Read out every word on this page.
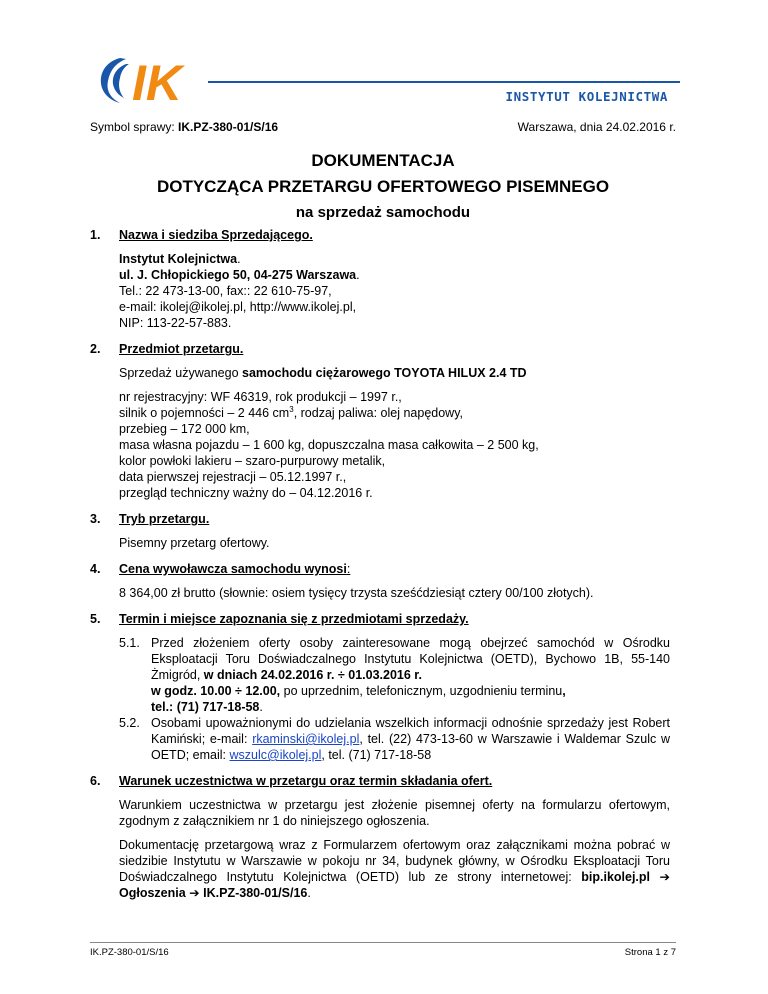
IK	INSTYTUT KOLEJNICTWA
Symbol sprawy: IK.PZ-380-01/S/16	Warszawa, dnia 24.02.2016 r.
DOKUMENTACJA
DOTYCZĄCA PRZETARGU OFERTOWEGO PISEMNEGO
na sprzedaż samochodu
1. Nazwa i siedziba Sprzedającego.
Instytut Kolejnictwa.
ul. J. Chłopickiego 50, 04-275 Warszawa.
Tel.: 22 473-13-00, fax:: 22 610-75-97,
e-mail: ikolej@ikolej.pl, http://www.ikolej.pl,
NIP: 113-22-57-883.
2. Przedmiot przetargu.
Sprzedaż używanego samochodu ciężarowego TOYOTA HILUX 2.4 TD
nr rejestracyjny: WF 46319, rok produkcji – 1997 r.,
silnik o pojemności – 2 446 $cm^3$, rodzaj paliwa: olej napędowy,
przebieg – 172 000 km,
masa własna pojazdu – 1 600 kg, dopuszczalna masa całkowita – 2 500 kg,
kolor powłoki lakieru – szaro-purpurowy metalik,
data pierwszej rejestracji – 05.12.1997 r.,
przegląd techniczny ważny do – 04.12.2016 r.
3. Tryb przetargu.
Pisemny przetarg ofertowy.
4. Cena wywoławcza samochodu wynosi:
8 364,00 zł brutto (słownie: osiem tysięcy trzysta sześćdziesiąt cztery 00/100 złotych).
5. Termin i miejsce zapoznania się z przedmiotami sprzedaży.
5.1. Przed złożeniem oferty osoby zainteresowane mogą obejrzeć samochód w Ośrodku Eksploatacji Toru Doświadczalnego Instytutu Kolejnictwa (OETD), Bychowo 1B, 55-140 Żmigród, w dniach 24.02.2016 r. ÷ 01.03.2016 r.
w godz. 10.00 ÷ 12.00, po uprzednim, telefonicznym, uzgodnieniu terminu,
tel.: (71) 717-18-58.
5.2. Osobami upoważnionymi do udzielania wszelkich informacji odnośnie sprzedaży jest Robert Kamiński; e-mail: rkaminski@ikolej.pl, tel. (22) 473-13-60 w Warszawie i Waldemar Szulc w OETD; email: wszulc@ikolej.pl, tel. (71) 717-18-58
6. Warunek uczestnictwa w przetargu oraz termin składania ofert.
Warunkiem uczestnictwa w przetargu jest złożenie pisemnej oferty na formularzu ofertowym, zgodnym z załącznikiem nr 1 do niniejszego ogłoszenia.
Dokumentację przetargową wraz z Formularzem ofertowym oraz załącznikami można pobrać w siedzibie Instytutu w Warszawie w pokoju nr 34, budynek główny, w Ośrodku Eksploatacji Toru Doświadczalnego Instytutu Kolejnictwa (OETD) lub ze strony internetowej: bip.ikolej.pl ➔ Ogłoszenia ➔ IK.PZ-380-01/S/16.
IK.PZ-380-01/S/16	Strona 1 z 7
